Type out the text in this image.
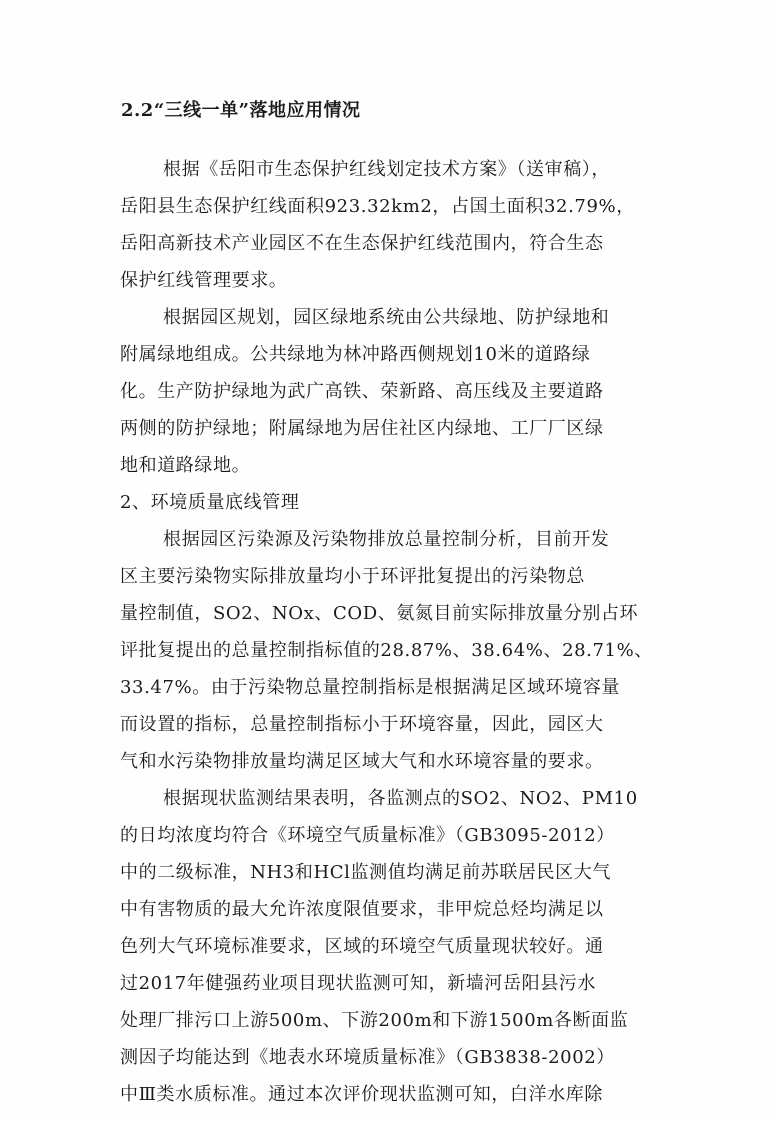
2.2“三线一单”落地应用情况
根据《岳阳市生态保护红线划定技术方案》（送审稿），
岳阳县生态保护红线面积923.32km2，占国土面积32.79%，
岳阳高新技术产业园区不在生态保护红线范围内，符合生态
保护红线管理要求。
根据园区规划，园区绿地系统由公共绿地、防护绿地和
附属绿地组成。公共绿地为林冲路西侧规划10米的道路绿
化。生产防护绿地为武广高铁、荣新路、高压线及主要道路
两侧的防护绿地；附属绿地为居住社区内绿地、工厂厂区绿
地和道路绿地。
2、环境质量底线管理
根据园区污染源及污染物排放总量控制分析，目前开发
区主要污染物实际排放量均小于环评批复提出的污染物总
量控制值，SO2、NOx、COD、氨氮目前实际排放量分别占环
评批复提出的总量控制指标值的28.87%、38.64%、28.71%、
33.47%。由于污染物总量控制指标是根据满足区域环境容量
而设置的指标，总量控制指标小于环境容量，因此，园区大
气和水污染物排放量均满足区域大气和水环境容量的要求。
根据现状监测结果表明，各监测点的SO2、NO2、PM10
的日均浓度均符合《环境空气质量标准》（GB3095-2012）
中的二级标准，NH3和HCl监测值均满足前苏联居民区大气
中有害物质的最大允许浓度限值要求，非甲烷总烃均满足以
色列大气环境标准要求，区域的环境空气质量现状较好。通
过2017年健强药业项目现状监测可知，新墙河岳阳县污水
处理厂排污口上游500m、下游200m和下游1500m各断面监
测因子均能达到《地表水环境质量标准》（GB3838-2002）
中Ⅲ类水质标准。通过本次评价现状监测可知，白洋水库除
